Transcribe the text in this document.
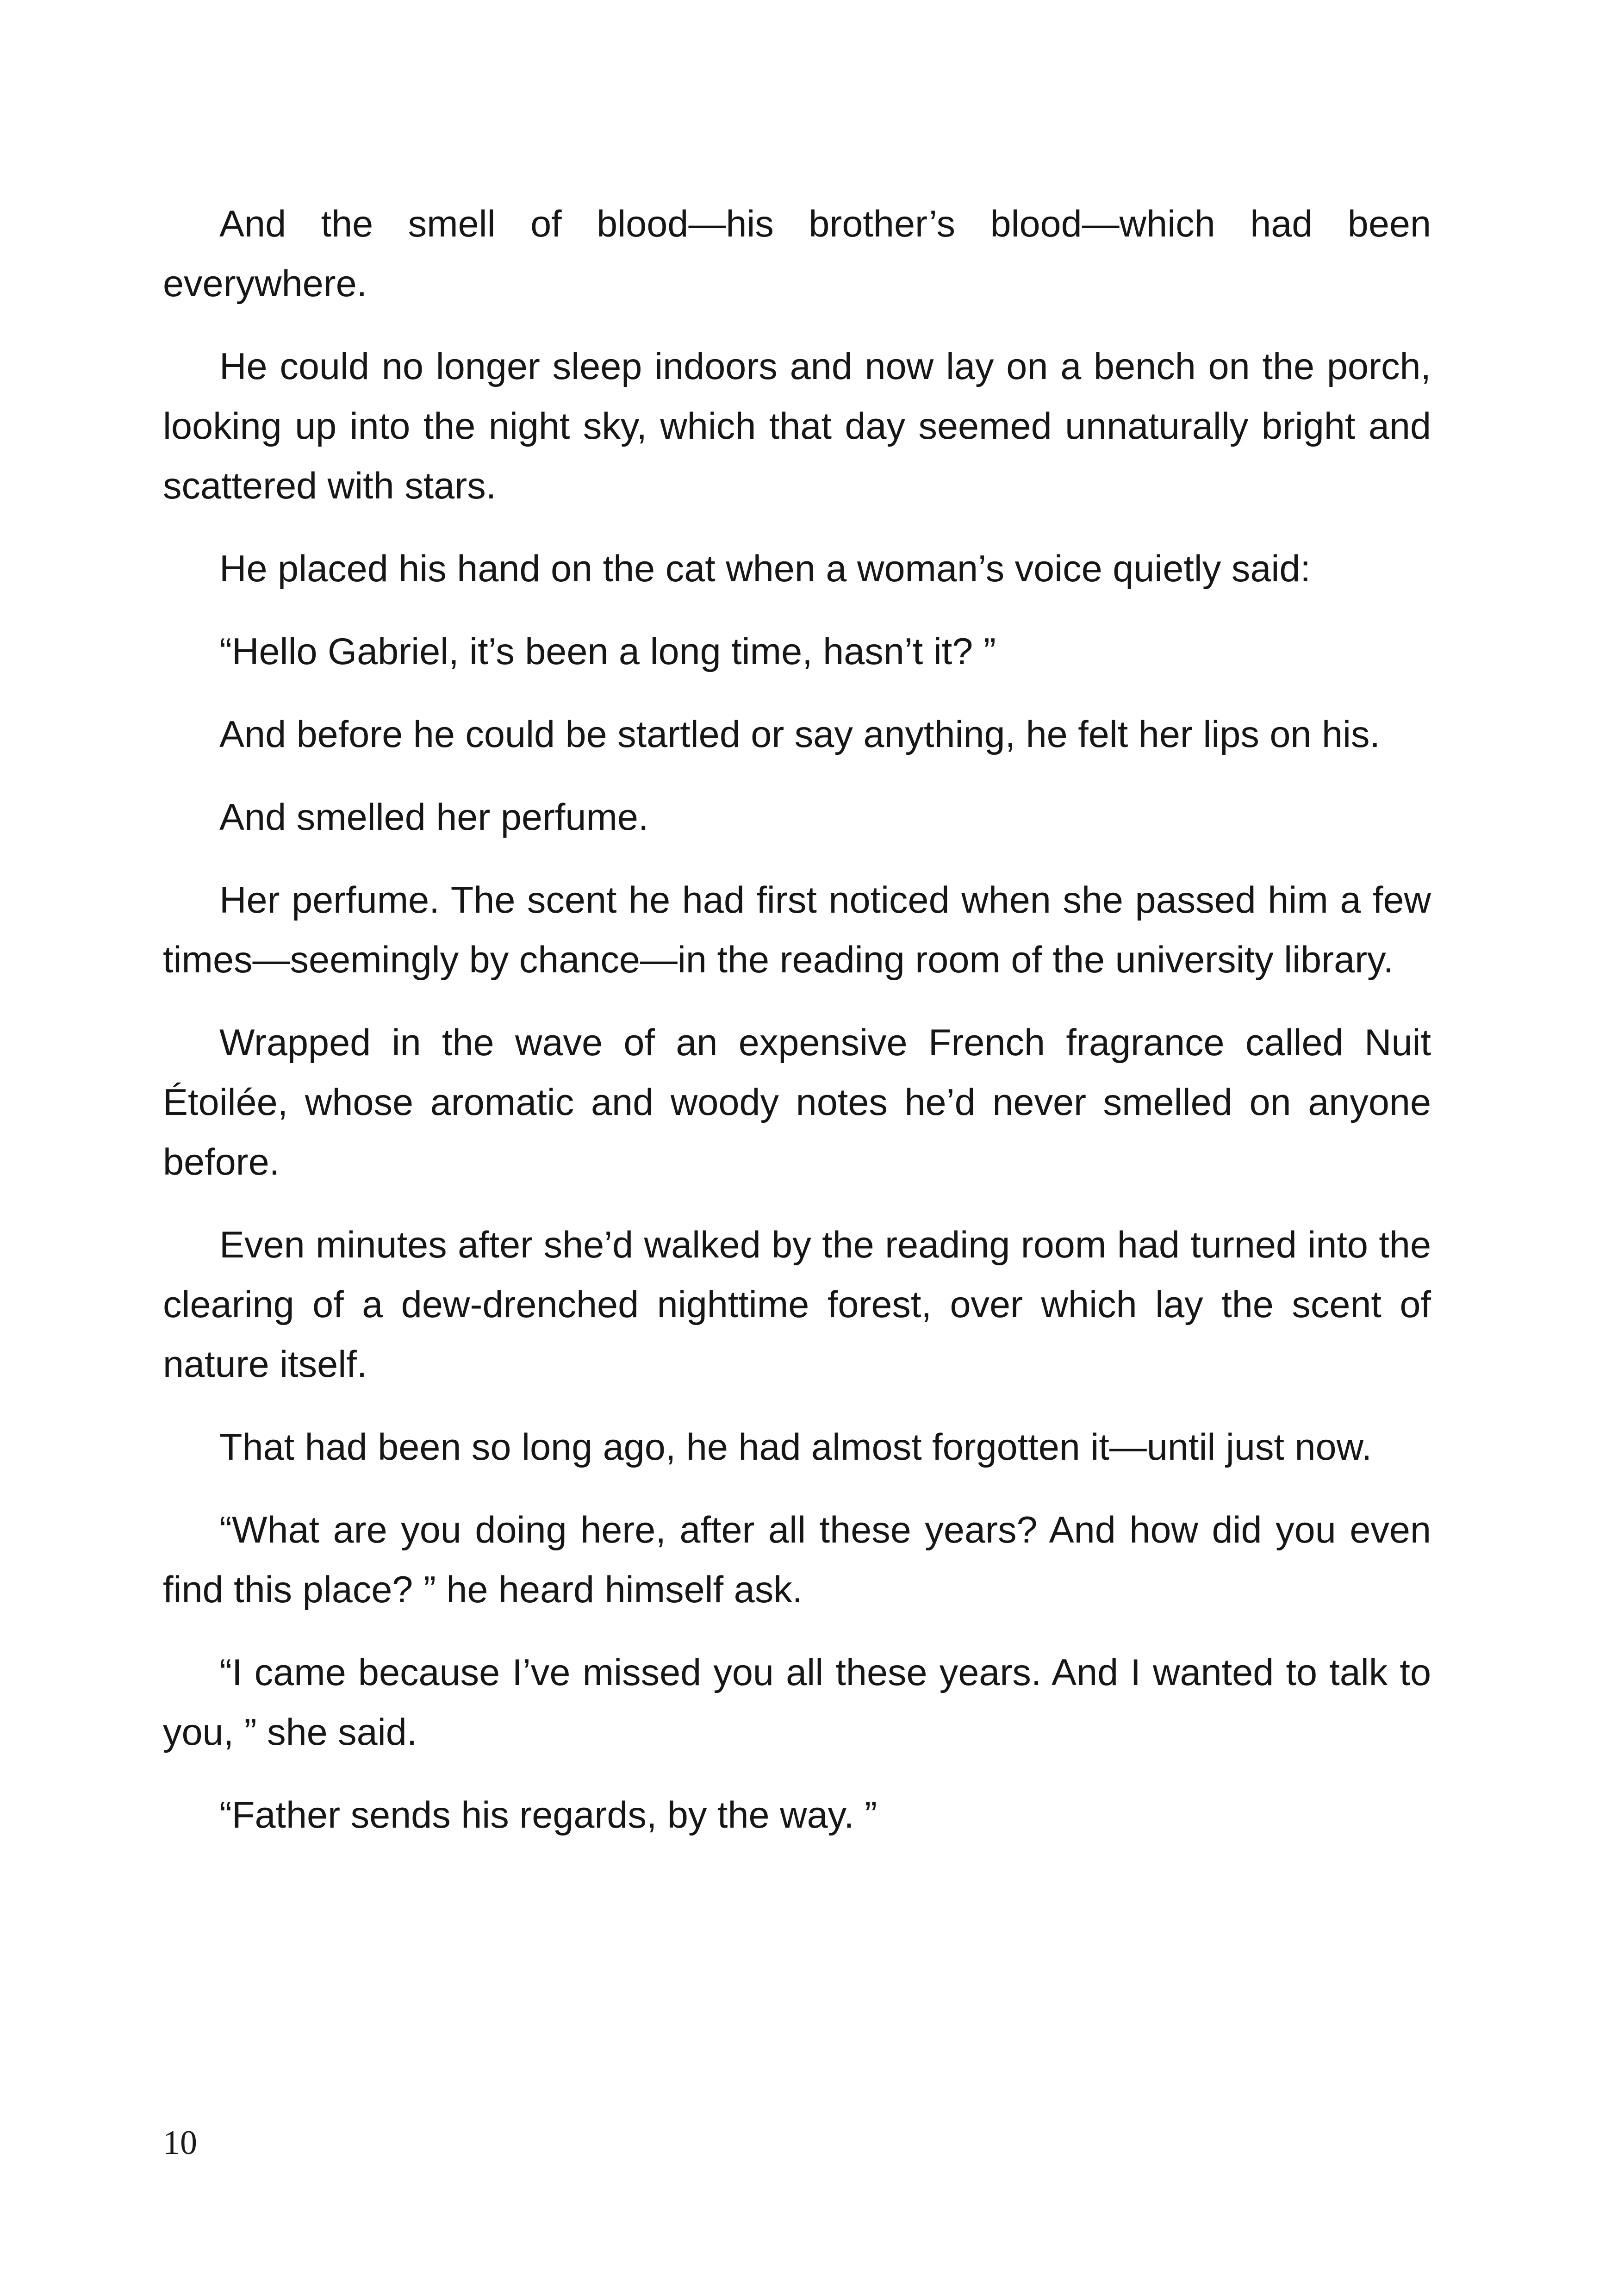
And the smell of blood—his brother’s blood—which had been everywhere.

He could no longer sleep indoors and now lay on a bench on the porch, looking up into the night sky, which that day seemed unnaturally bright and scattered with stars.

He placed his hand on the cat when a woman’s voice quietly said:

“Hello Gabriel, it’s been a long time, hasn’t it? ”

And before he could be startled or say anything, he felt her lips on his.

And smelled her perfume.

Her perfume. The scent he had first noticed when she passed him a few times—seemingly by chance—in the reading room of the university library.

Wrapped in the wave of an expensive French fragrance called Nuit Étoilée, whose aromatic and woody notes he’d never smelled on anyone before.

Even minutes after she’d walked by the reading room had turned into the clearing of a dew-drenched nighttime forest, over which lay the scent of nature itself.

That had been so long ago, he had almost forgotten it—until just now.

“What are you doing here, after all these years? And how did you even find this place? ” he heard himself ask.

“I came because I’ve missed you all these years. And I wanted to talk to you, ” she said.

“Father sends his regards, by the way. ”

10
